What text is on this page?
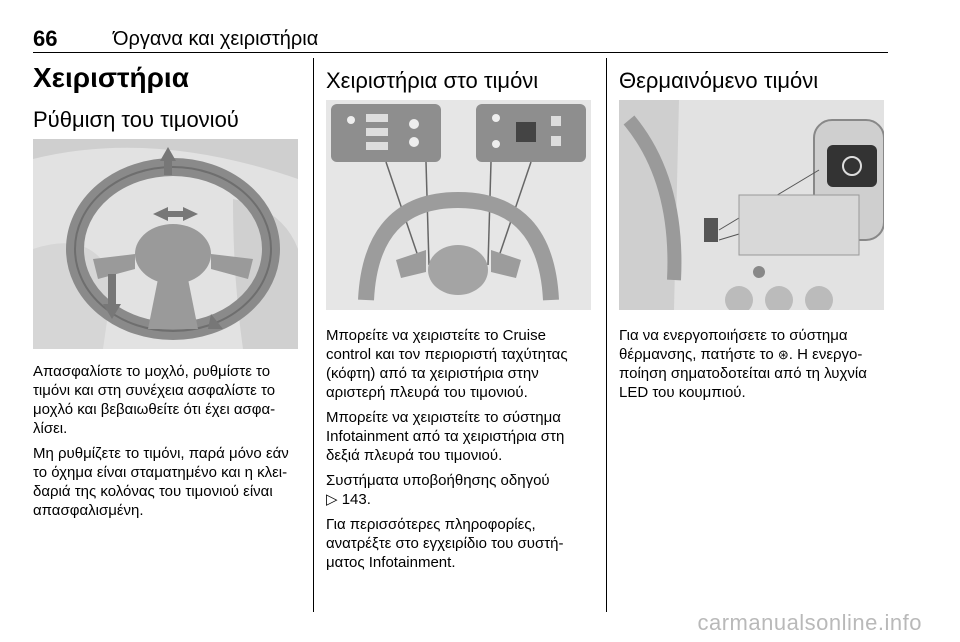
66	Όργανα και χειριστήρια
Χειριστήρια
Ρύθμιση του τιμονιού

Απασφαλίστε το μοχλό, ρυθμίστε το τιμόνι και στη συνέχεια ασφαλίστε το μοχλό και βεβαιωθείτε ότι έχει ασφα- λίσει.

Μη ρυθμίζετε το τιμόνι, παρά μόνο εάν το όχημα είναι σταματημένο και η κλει- δαριά της κολόνας του τιμονιού είναι απασφαλισμένη.

Χειριστήρια στο τιμόνι

Μπορείτε να χειριστείτε το Cruise control και τον περιοριστή ταχύτητας (κόφτη) από τα χειριστήρια στην αριστερή πλευρά του τιμονιού.

Μπορείτε να χειριστείτε το σύστημα Infotainment από τα χειριστήρια στη δεξιά πλευρά του τιμονιού.

Συστήματα υποβοήθησης οδηγού

▷ 143.

Για περισσότερες πληροφορίες, ανατρέξτε στο εγχειρίδιο του συστή- ματος Infotainment.

Θερμαινόμενο τιμόνι

Για να ενεργοποιήσετε το σύστημα θέρμανσης, πατήστε το ⊛. Η ενεργο- ποίηση σηματοδοτείται από τη λυχνία LED του κουμπιού.

carmanualsonline.info
